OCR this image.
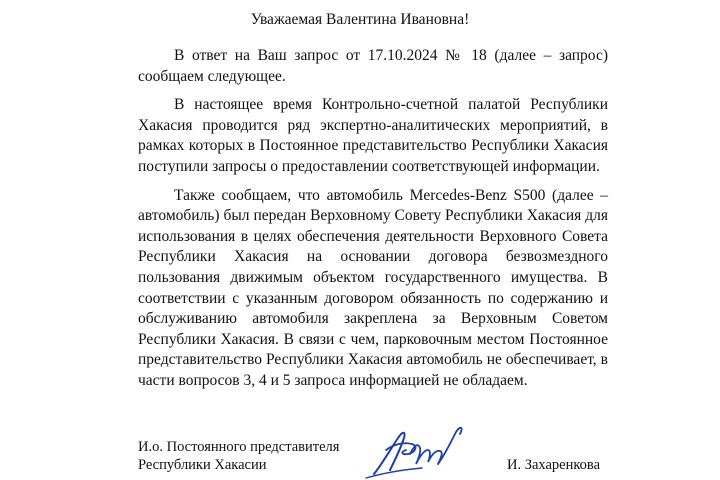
Уважаемая Валентина Ивановна!

В ответ на Ваш запрос от 17.10.2024 № 18 (далее – запрос) сообщаем следующее.

В настоящее время Контрольно-счетной палатой Республики Хакасия проводится ряд экспертно-аналитических мероприятий, в рамках которых в Постоянное представительство Республики Хакасия поступили запросы о предоставлении соответствующей информации.

Также сообщаем, что автомобиль Mercedes-Benz S500 (далее – автомобиль) был передан Верховному Совету Республики Хакасия для использования в целях обеспечения деятельности Верховного Совета Республики Хакасия на основании договора безвозмездного пользования движимым объектом государственного имущества. В соответствии с указанным договором обязанность по содержанию и обслуживанию автомобиля закреплена за Верховным Советом Республики Хакасия. В связи с чем, парковочным местом Постоянное представительство Республики Хакасия автомобиль не обеспечивает, в части вопросов 3, 4 и 5 запроса информацией не обладаем.

И.о. Постоянного представителя
Республики Хакасии	И. Захаренкова
